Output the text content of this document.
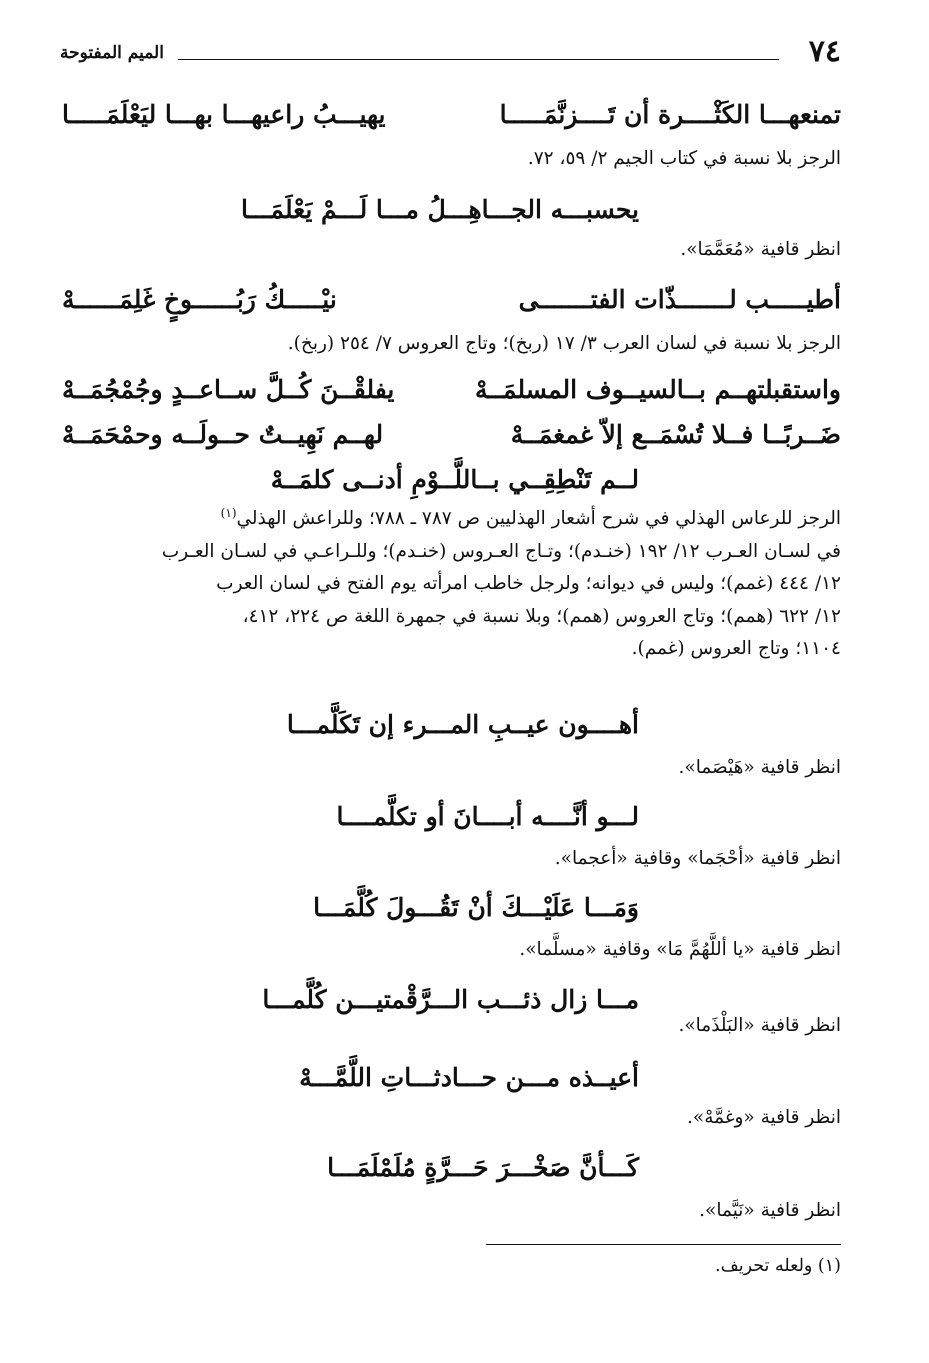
٧٤
الميم المفتوحة
تمنعهـــا الكَثْــــرة أن تَــــزنَّمَـــــا
يهيـــبُ راعيهـــا بهـــا ليَعْلَمَـــــا
الرجز بلا نسبة في كتاب الجيم ٢/ ٥٩، ٧٢.
يحسبـــه الجـــاهِـــلُ مـــا لَـــمْ يَعْلَمَـــا
انظر قافية «مُعَمَّمَا».
أطيـــــب لـــــــذّات الفتـــــــى
نيْـــــكُ رَبُــــــوخٍ غَلِمَــــــهْ
الرجز بلا نسبة في لسان العرب ٣/ ١٧ (ربخ)؛ وتاج العروس ٧/ ٢٥٤ (ربخ).
واستقبلتهــم بــالسيــوف المسلمَــهْ
يفلقْــنَ كُــلَّ ســاعــدٍ وجُمْجُمَــهْ
ضَــربًــا فــلا تُسْمَــع إلاّ غمغمَــهْ
لهــم نَهِيــتٌ حــولَــه وحمْحَمَــهْ
لــم تَنْطِقِــي بــاللَّــوْمِ أدنــى كلمَــهْ
الرجز للرعاس الهذلي في شرح أشعار الهذليين ص ٧٨٧ ـ ٧٨٨؛ وللراعش الهذلي$^{(١)}$
في لسـان العـرب ١٢/ ١٩٢ (خنـدم)؛ وتـاج العـروس (خنـدم)؛ وللـراعـي في لسـان العـرب
١٢/ ٤٤٤ (غمم)؛ وليس في ديوانه؛ ولرجل خاطب امرأته يوم الفتح في لسان العرب
١٢/ ٦٢٢ (همم)؛ وتاج العروس (همم)؛ وبلا نسبة في جمهرة اللغة ص ٢٢٤، ٤١٢،
١١٠٤؛ وتاج العروس (غمم).
أهــــون عيــبِ المـــرء إن تَكَلَّمـــا
انظر قافية «هَيْصَما».
لـــو أنَّــــه أبــــانَ أو تكلَّمــــا
انظر قافية «أحْجَما» وقافية «أعجما».
وَمَـــا عَلَيْـــكَ أنْ تَقُـــولَ كُلَّمَـــا
انظر قافية «يا أللَّهُمَّ مَا» وقافية «مسلَّما».
مـــا زال ذئـــب الـــرَّقْمتيـــن كُلَّمـــا
انظر قافية «البَلْذَما».
أعيــذه مـــن حـــادثـــاتِ اللَّمَّـــهْ
انظر قافية «وغمَّهْ».
كَـــأنَّ صَخْـــرَ حَـــرَّةٍ مُلَمْلَمَـــا
انظر قافية «نَيَّما».
(١) ولعله تحريف.
